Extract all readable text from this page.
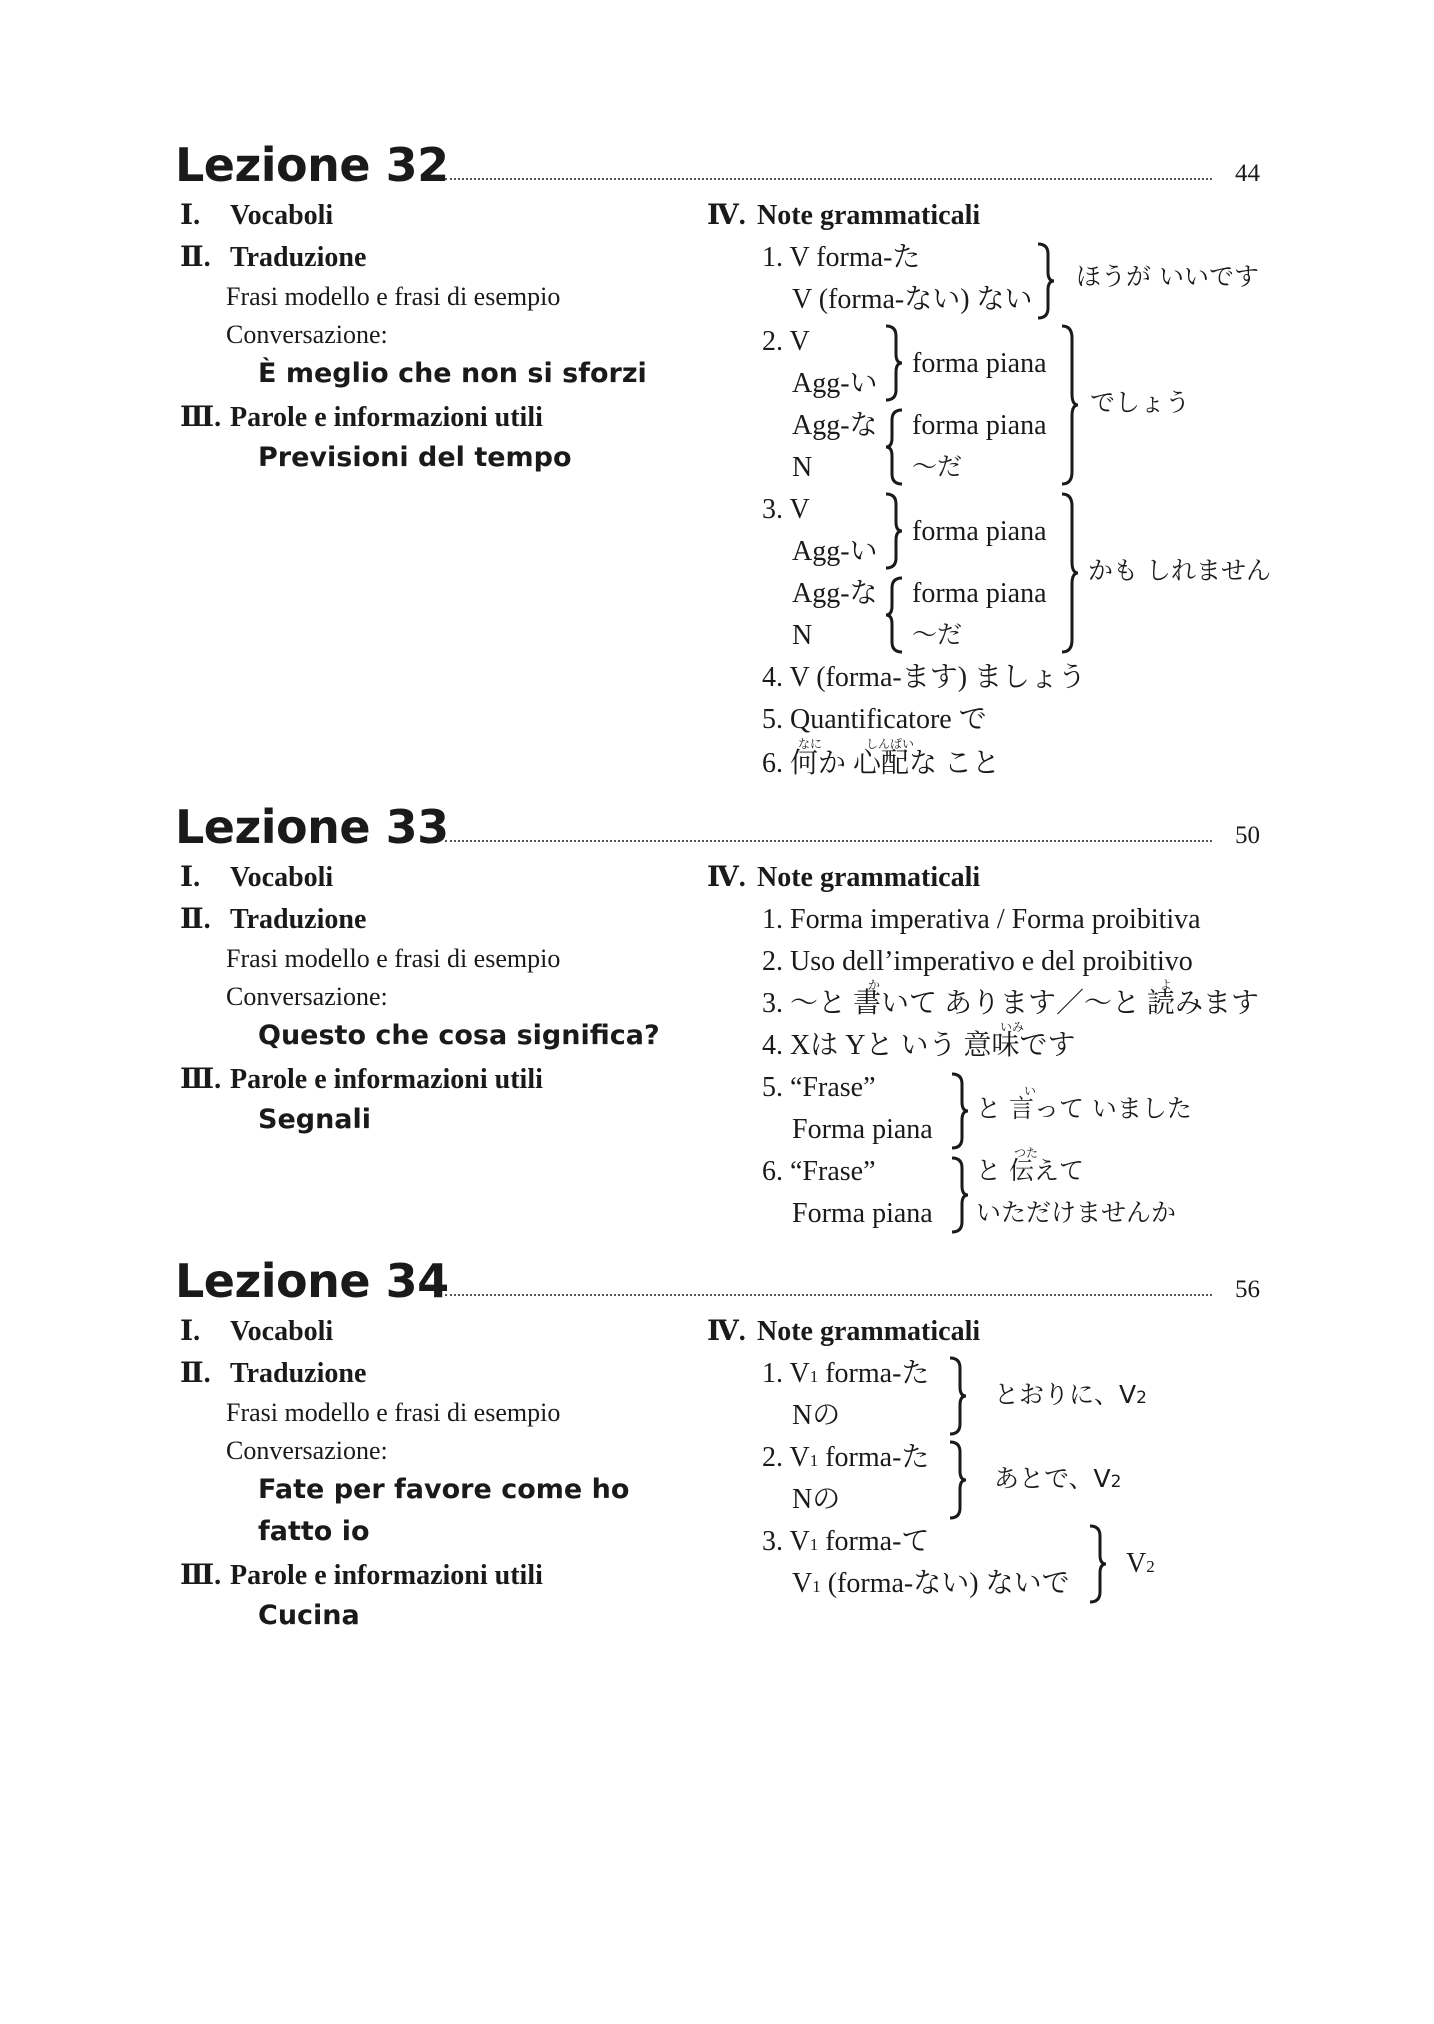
Lezione 32	44
Ⅰ. Vocaboli
Ⅱ. Traduzione
Frasi modello e frasi di esempio
Conversazione:
È meglio che non si sforzi
Ⅲ. Parole e informazioni utili
Previsioni del tempo
Ⅳ. Note grammaticali
1. V forma-た
V (forma-ない) ない
ほうが いいです
2. V
Agg-い
Agg-な
N
forma piana
forma piana
～だ
でしょう
3. V
Agg-い
Agg-な
N
forma piana
forma piana
～だ
かも しれません
4. V (forma-ます) ましょう
5. Quantificatore で
なに	しんぱい
6. 何か 心配な こと
Lezione 33	50
Ⅰ. Vocaboli
Ⅱ. Traduzione
Frasi modello e frasi di esempio
Conversazione:
Questo che cosa significa?
Ⅲ. Parole e informazioni utili
Segnali
Ⅳ. Note grammaticali
1. Forma imperativa / Forma proibitiva
2. Uso dell’imperativo e del proibitivo
か	よ
3. ～と 書いて あります／～と 読みます
いみ
4. Xは Yと いう 意味です
5. “Frase”
Forma piana
い
と 言って いました
6. “Frase”
Forma piana
つた
と 伝えて
いただけませんか
Lezione 34	56
Ⅰ. Vocaboli
Ⅱ. Traduzione
Frasi modello e frasi di esempio
Conversazione:
Fate per favore come ho
fatto io
Ⅲ. Parole e informazioni utili
Cucina
Ⅳ. Note grammaticali
1. V1 forma-た
Nの
とおりに、V2
2. V1 forma-た
Nの
あとで、V2
3. V1 forma-て
V1 (forma-ない) ないで
V2
